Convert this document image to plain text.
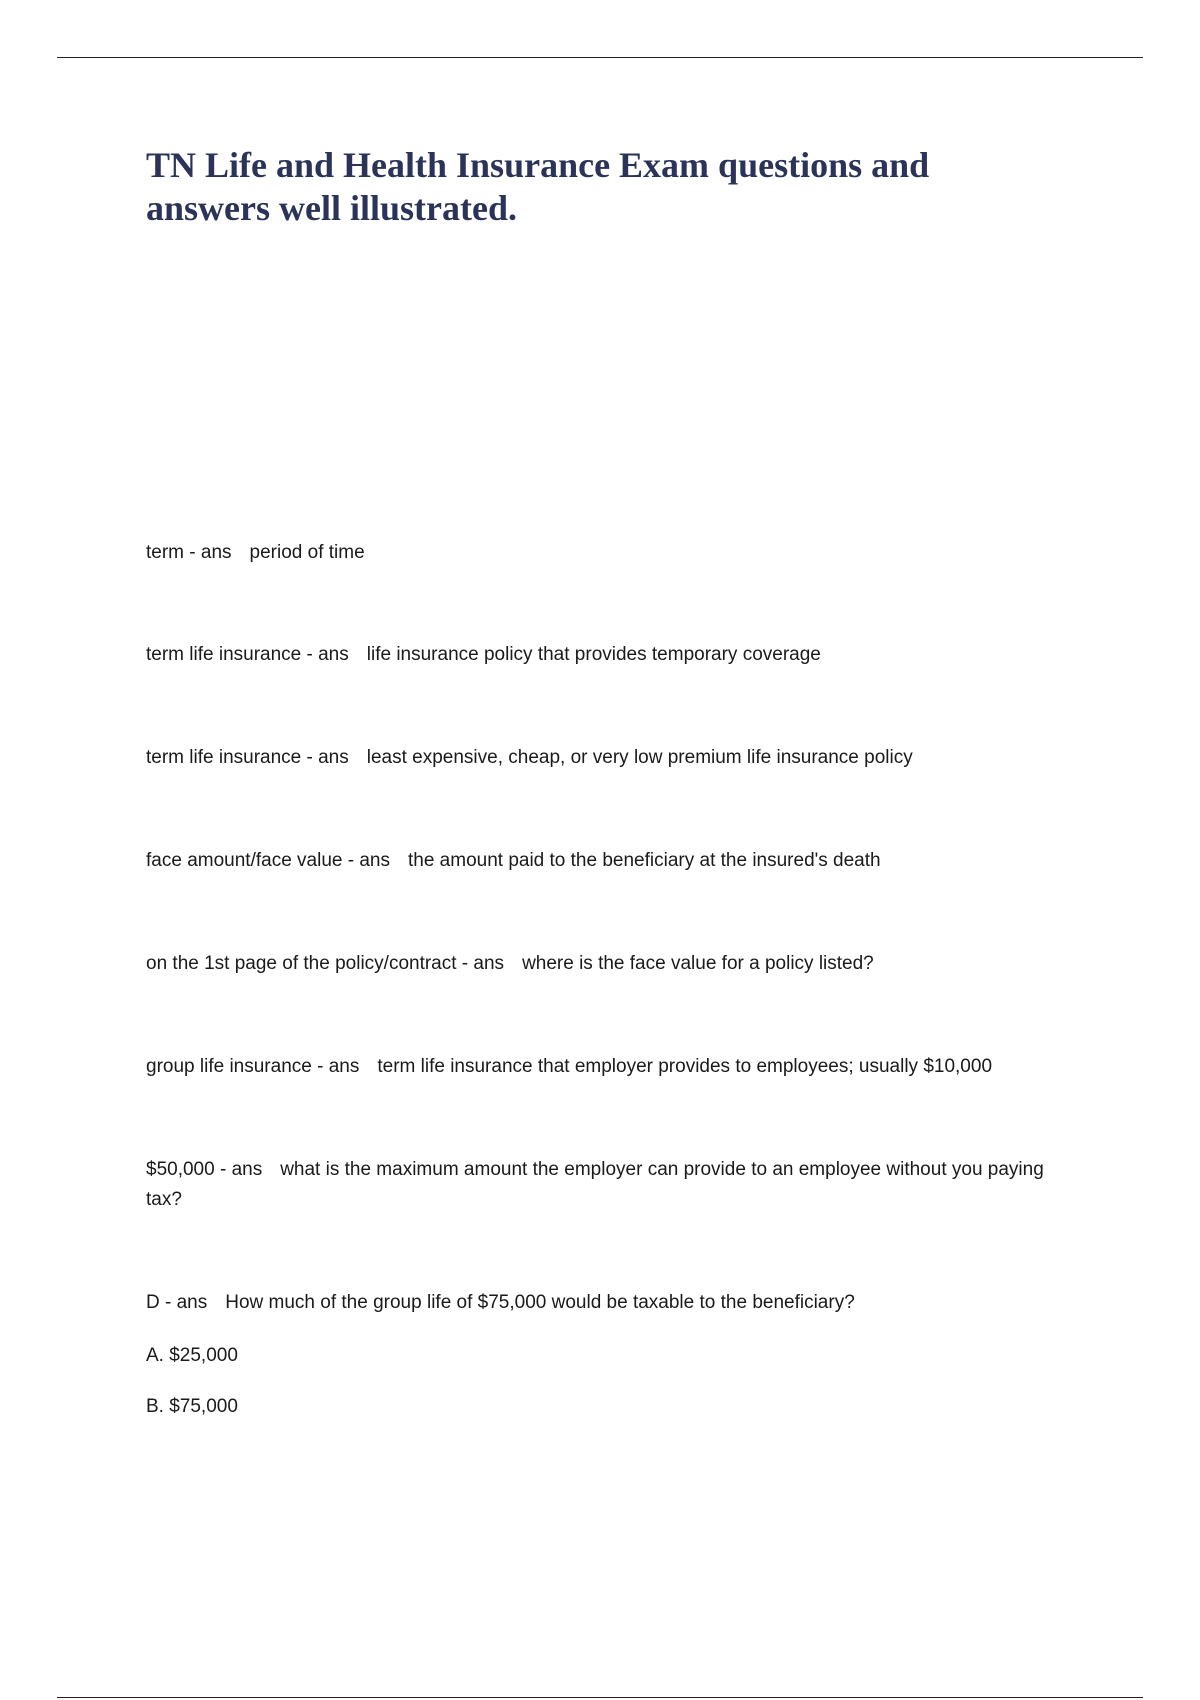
TN Life and Health Insurance Exam questions and answers well illustrated.

term - ans period of time

term life insurance - ans life insurance policy that provides temporary coverage

term life insurance - ans least expensive, cheap, or very low premium life insurance policy

face amount/face value - ans the amount paid to the beneficiary at the insured's death

on the 1st page of the policy/contract - ans where is the face value for a policy listed?

group life insurance - ans term life insurance that employer provides to employees; usually $10,000

$50,000 - ans what is the maximum amount the employer can provide to an employee without you paying tax?

D - ans How much of the group life of $75,000 would be taxable to the beneficiary?

A. $25,000

B. $75,000
